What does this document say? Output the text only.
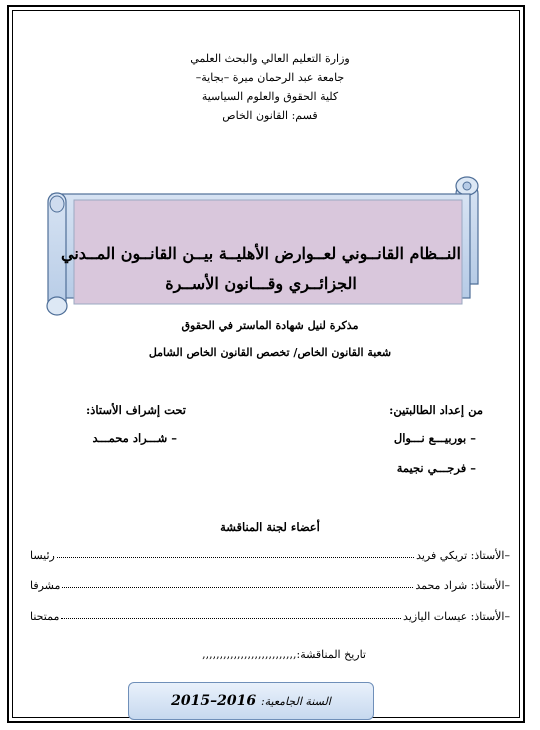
وزارة التعليم العالي والبحث العلمي
جامعة عبد الرحمان ميرة –بجاية–
كلية الحقوق والعلوم السياسية
قسم: القانون الخاص
النــظام القانــوني لعــوارض الأهليــة بيــن القانــون المــدني
الجزائــري وقـــانون الأســرة
مذكرة لنيل شهادة الماستر في الحقوق
شعبة القانون الخاص/ تخصص القانون الخاص الشامل
من إعداد الطالبتين:
– بوربيـــع نـــوال
– فرجـــي نجيمة
تحت إشراف الأستاذ:
– شـــراد محمـــد
أعضاء لجنة المناقشة
–الأستاذ: تريكي فريد
رئيسا
–الأستاذ: شراد محمد
مشرفا
–الأستاذ: عيسات اليازيد
ممتحنا
تاريخ المناقشة:,,,,,,,,,,,,,,,,,,,,,,,,,,,
السنة الجامعية: 2015–2016
